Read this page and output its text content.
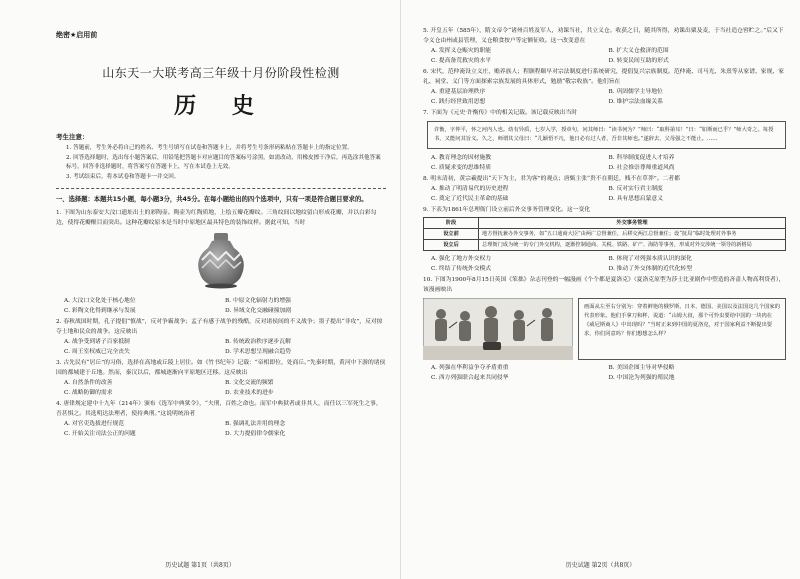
绝密★启用前
山东天一大联考高三年级十月份阶段性检测
历 史
考生注意：

1. 答题前，考生务必将自己的姓名、考生号填写在试卷和答题卡上，并将考生号条形码粘贴在答题卡上的指定位置。

2. 回答选择题时，选出每小题答案后，用铅笔把答题卡对应题目的答案标号涂黑。如需改动，用橡皮擦干净后，再选涂其他答案标号。回答非选择题时，将答案写在答题卡上，写在本试卷上无效。

3. 考试结束后，将本试卷和答题卡一并交回。

一、选择题：本题共15小题，每小题3分，共45分。在每小题给出的四个选项中，只有一项是符合题目要求的。

1. 下图为山东泰安大汶口遗址出土的彩陶壶。陶壶为红陶质地，上绘五瓣花瓣纹。三角纹间以地纹留白形成花瓣，并以白彩勾边，使得花瓣醒目而突出。这种花瓣纹原本是当时中原地区最具特色的装饰纹样。据此可知，当时

A. 大汶口文化处于核心地位	B. 中原文化辐射力的增强
C. 彩陶文化得到继承与发展	D. 异域文化交融碰撞加剧

2. 春秋战国时期，孔子提倡“慎战”，反对争霸战争；孟子有感于战争的残酷，反对诸侯间的不义战争；墨子提出“非攻”，反对掠夺土地和民众的战争。这反映出

A. 战争受到诸子百家抵制	B. 传统政治秩序逐步瓦解
C. 周王室权威已完全丧失	D. 学术思想呈现融合趋势

3. 古先民有“居丘”的习俗，选择在高地或丘陵上居住。如《竹书纪年》记载：“帝相即位，处商丘。”先秦时期，黄河中下游的诸侯国的都城建于丘地。然而，秦汉以后，都城逐渐向平原地区迁移。这反映出

A. 自然条件的改善	B. 文化交流的频繁
C. 战略防御的需求	D. 农业技术的进步

4. 唐律规定建中十九年（214年）颁布《选军中典狱令》，“夫刑，百姓之命也。而军中典狱者或非其人，而任以三军死生之事，吾甚惧之。其选明达法理者，使持典刑。”这说明统治者

A. 对官吏选拔进行规范	B. 强调礼法并用的理念
C. 开始关注司法公正的问题	D. 大力提倡律令儒家化
历史试题 第1页（共8页）

5. 开皇五年（585年），隋文帝令“诸州百姓及军人，劝课当社，共立义仓。收获之日，随其所得，劝课出粟及麦，于当社造仓窖贮之。”后又下令义仓由州或县管理，义仓粮食按户等定额征收。这一改变意在

A. 发挥义仓赈灾的职能	B. 扩大义仓救济的范围
C. 提高备荒救灾的水平	D. 转变民间互助的形式

6. 宋代，范仲淹设立义庄，赡养族人；程颢程颐早对宗法制度进行系统研究，提倡复兴宗族制度。范仲淹、司马光、朱熹等从家谱、家规、家礼、祠堂、义门等方面探索宗族发展的具体形式，勉励“敬宗收族”。他们旨在

A. 重建基层治理秩序	B. 巩固儒学主导地位
C. 践行经世致用思想	D. 维护宗法血缘关系

7. 下面为《元史·许衡传》中的相关记载。该记载反映出当时

许衡，字仲平，怀之河内人也。幼有异质，七岁入学，授章句，问其师曰：“读书何为？”师曰：“取科第耳！”曰：“如斯而已乎？”师大奇之。每授书，又能问其旨义。久之，师谓其父母曰：“儿颖悟不凡，他日必有过人者，吾非其师也。”遂辞去，父母强之不能止。……
A. 教育理念的因材施教	B. 科举制度促进人才培养
C. 质疑求变的思维特质	D. 社会推崇尊师重道风尚

8. 明末清初，黄宗羲提出“天下为主，君为客”的观点；唐甄主张“贵不在朝廷，贱不在草莽”。二者都

A. 推动了明清易代的历史进程	B. 反对实行君主制度
C. 奠定了近代民主革命的基础	D. 具有思想启蒙意义

9. 下表为1861年总理衙门设立前后外交事务管理变化。这一变化

阶段	外交事务管理
设立前	地方督抚兼办外交事务，如“五口通商大臣”由两广总督兼任，后移交两江总督兼任；设“抚局”临时处理对外事务
设立后	总理衙门成为统一的专门外交机构，逐渐控制通商、关税、铁路、矿产、海防等事务，形成对外交涉统一领导的新格局
A. 强化了地方外交权力	B. 体现了对列强本质认识的深化
C. 终结了传统外交模式	D. 推动了外交体制的近代化转型

10. 下图为1900年8月15日英国《笨拙》杂志刊登的一幅漫画《个个都是夏洛克》（夏洛克原型为莎士比亚剧作中塑造的吝啬人物高利贷者），该漫画映出

画面从左至右分别为：穿着鲜艳的俄罗斯、日本、德国、美国以及法国这几个国家的代表形象。他们手拿刀和秤，说道：“山姆大叔，那个可怜虫要给中国的一块肉在《威尼斯商人》中出现吗？”当时正来到中国的夏洛克，对于国家利益不断提出要求，你们同意吗？你们想想怎么样？
A. 列强在华利益争夺矛盾重重	B. 美国企图主导对华侵略
C. 西方列强联合起来共同侵华	D. 中国沦为列强的殖民地
历史试题 第2页（共8页）
